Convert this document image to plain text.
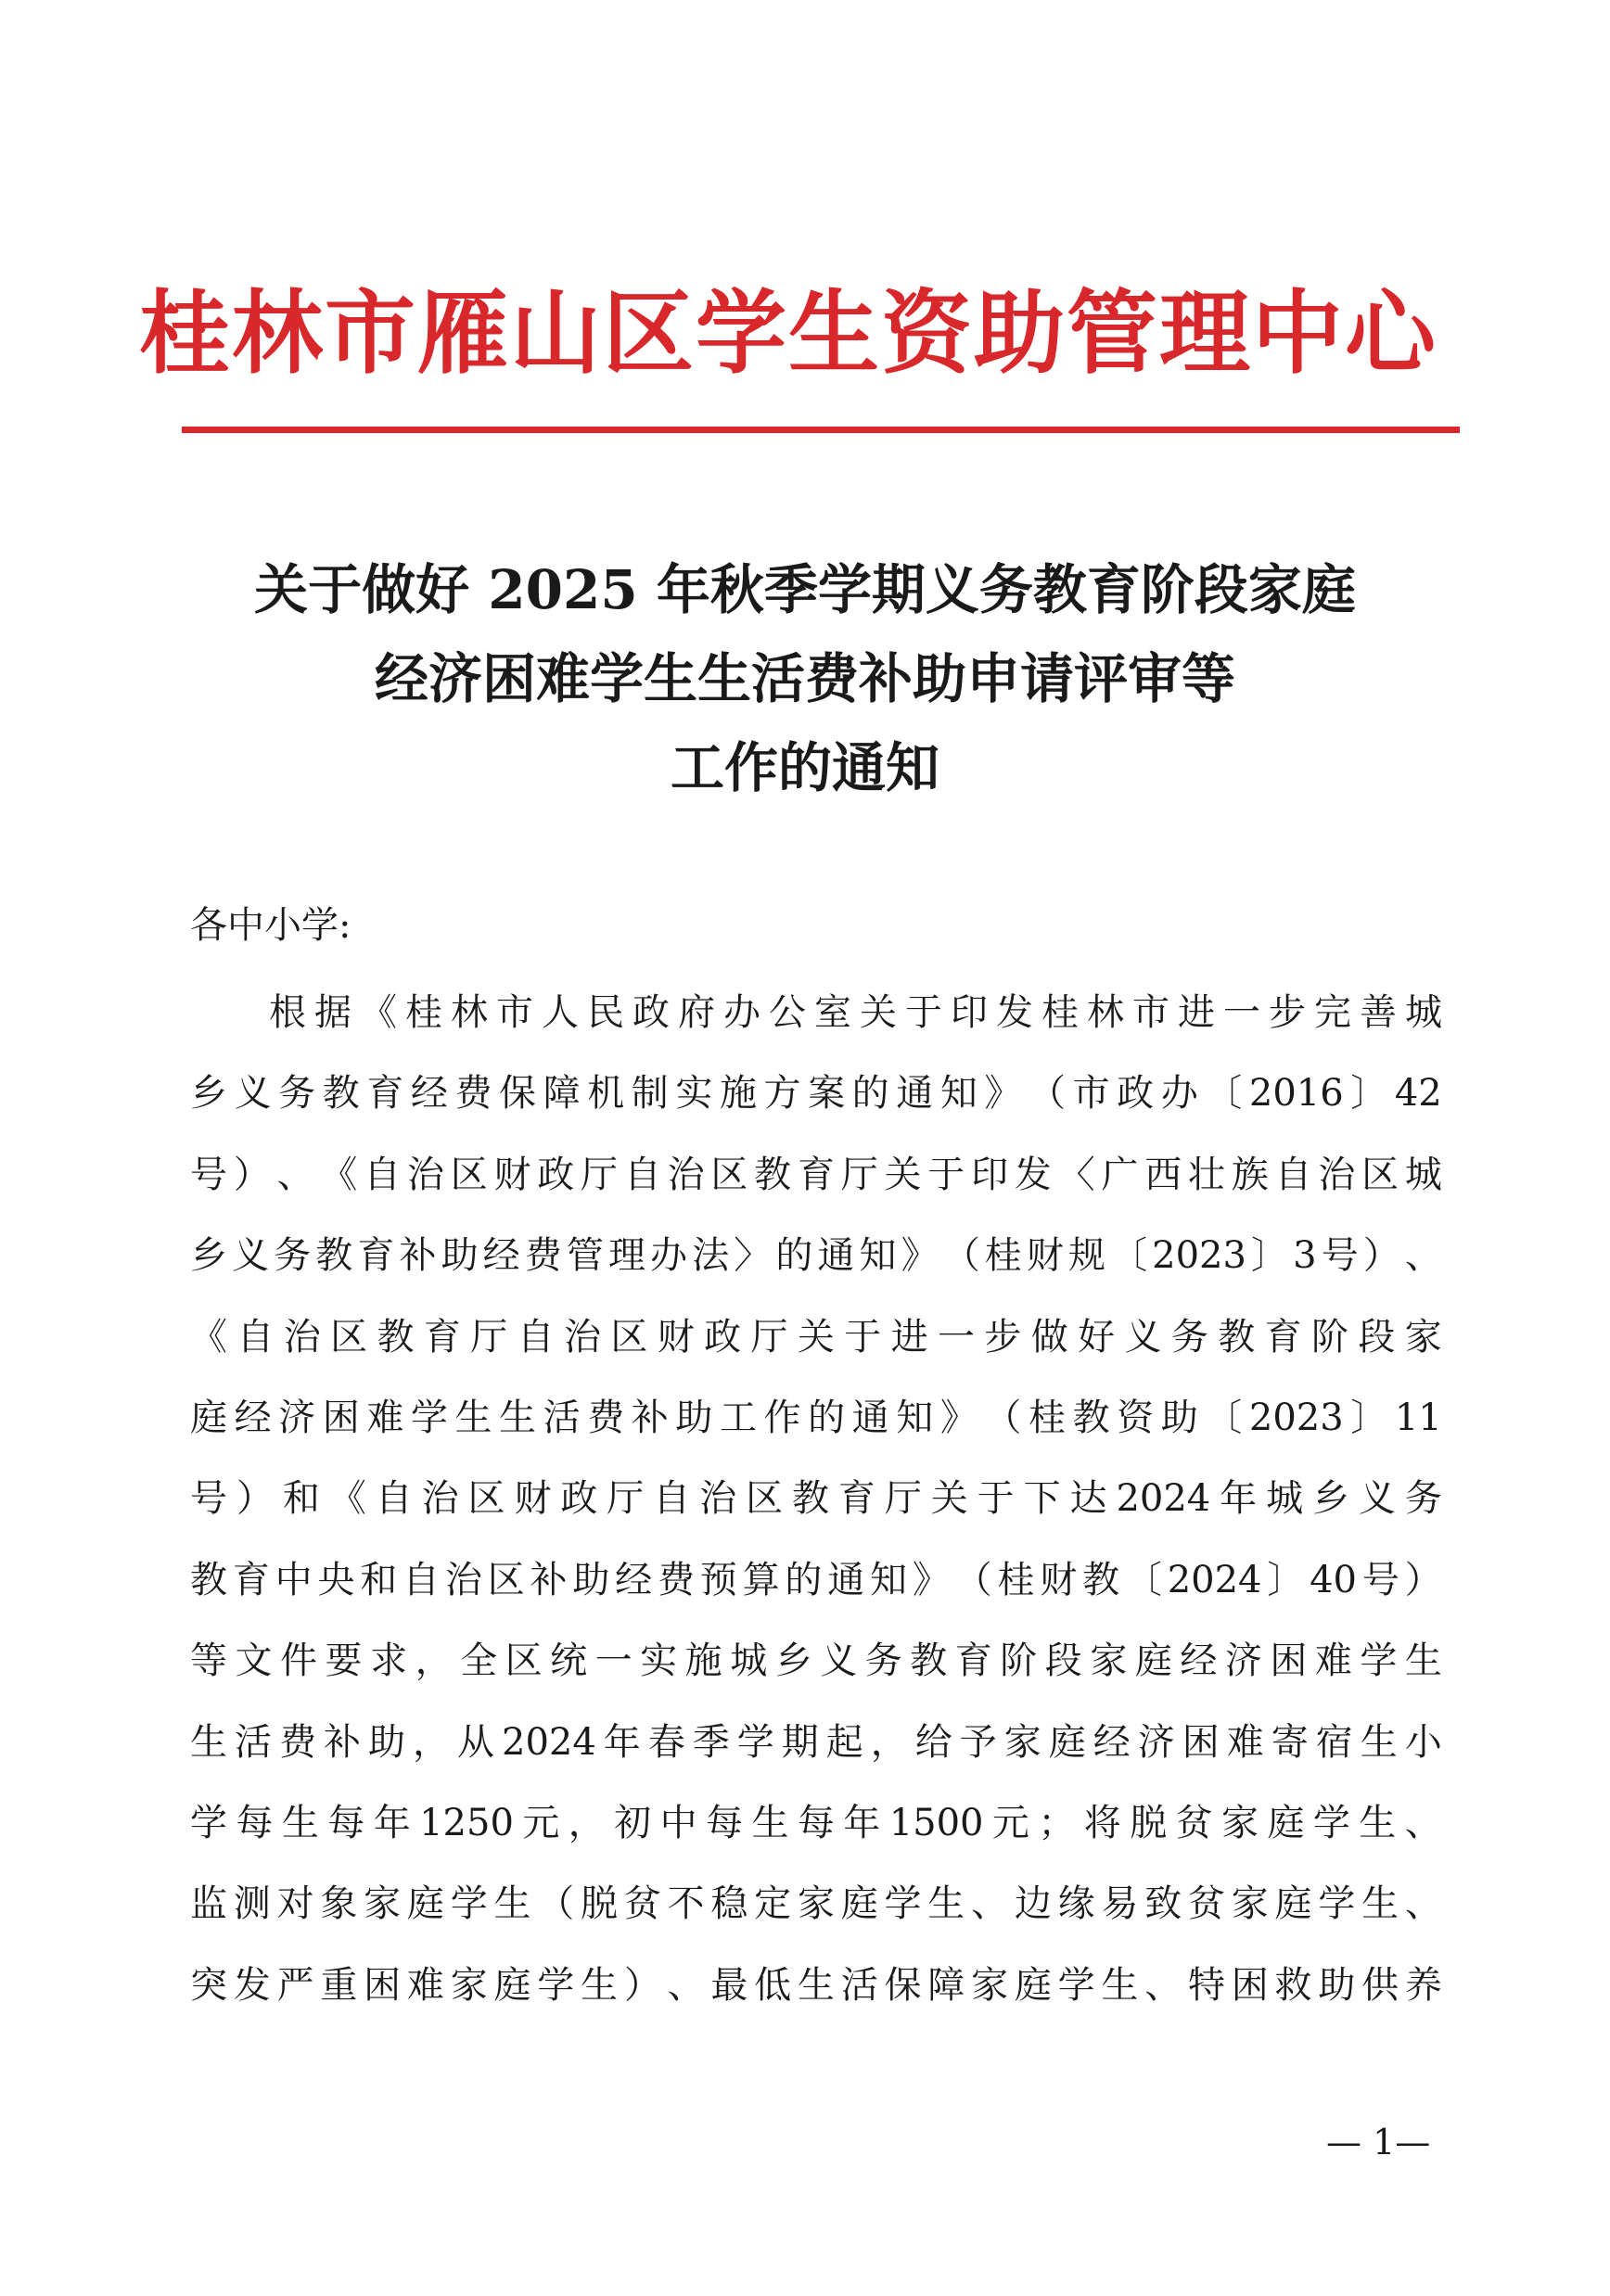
桂林市雁山区学生资助管理中心
关于做好 2025 年秋季学期义务教育阶段家庭
经济困难学生生活费补助申请评审等
工作的通知
各中小学:
根 据 《 桂 林 市 人 民 政 府 办 公 室 关 于 印 发 桂 林 市 进 一 步 完 善 城
乡 义 务 教 育 经 费 保 障 机 制 实 施 方 案 的 通 知 》 （ 市 政 办 〔 2016 〕 42
号 ） 、 《 自 治 区 财 政 厅 自 治 区 教 育 厅 关 于 印 发 〈 广 西 壮 族 自 治 区 城
乡 义 务 教 育 补 助 经 费 管 理 办 法 〉 的 通 知 》 （ 桂 财 规 〔 2023 〕 3 号 ） 、
《 自 治 区 教 育 厅 自 治 区 财 政 厅 关 于 进 一 步 做 好 义 务 教 育 阶 段 家
庭 经 济 困 难 学 生 生 活 费 补 助 工 作 的 通 知 》 （ 桂 教 资 助 〔 2023 〕 11
号 ） 和 《 自 治 区 财 政 厅 自 治 区 教 育 厅 关 于 下 达 2024 年 城 乡 义 务
教 育 中 央 和 自 治 区 补 助 经 费 预 算 的 通 知 》 （ 桂 财 教 〔 2024 〕 40 号 ）
等 文 件 要 求 ， 全 区 统 一 实 施 城 乡 义 务 教 育 阶 段 家 庭 经 济 困 难 学 生
生 活 费 补 助 ， 从 2024 年 春 季 学 期 起 ， 给 予 家 庭 经 济 困 难 寄 宿 生 小
学 每 生 每 年 1250 元 ， 初 中 每 生 每 年 1500 元 ； 将 脱 贫 家 庭 学 生 、
监 测 对 象 家 庭 学 生 （ 脱 贫 不 稳 定 家 庭 学 生 、 边 缘 易 致 贫 家 庭 学 生 、
突 发 严 重 困 难 家 庭 学 生 ） 、 最 低 生 活 保 障 家 庭 学 生 、 特 困 救 助 供 养
— 1—
